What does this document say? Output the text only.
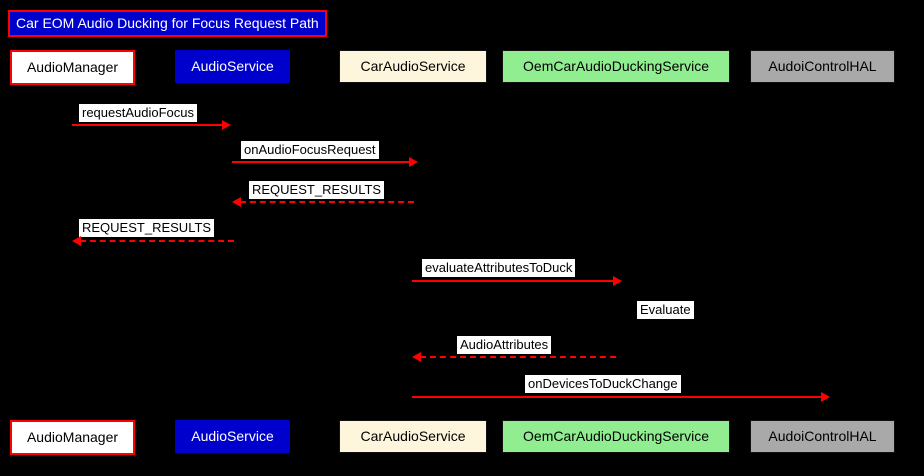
Car EOM Audio Ducking for Focus Request Path
AudioManager	AudioService	CarAudioService	OemCarAudioDuckingService	AudoiControlHAL
AudioManager	AudioService	CarAudioService	OemCarAudioDuckingService	AudoiControlHAL
requestAudioFocus
onAudioFocusRequest
REQUEST_RESULTS
REQUEST_RESULTS
evaluateAttributesToDuck
Evaluate
AudioAttributes
onDevicesToDuckChange
